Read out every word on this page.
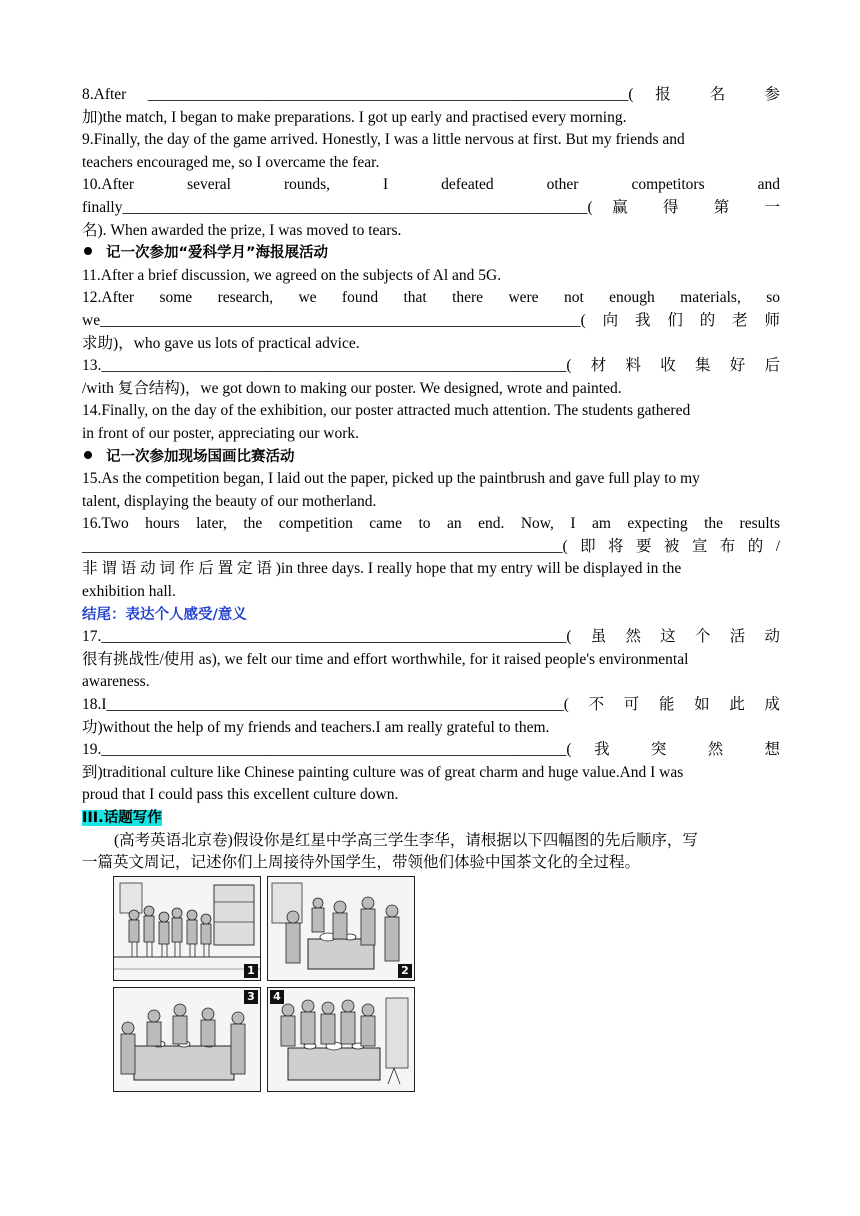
8.After ______________________________________________________________( 报 名 参

加)the match, I began to make preparations. I got up early and practised every morning.

9.Finally, the day of the game arrived. Honestly, I was a little nervous at first. But my friends and

teachers encouraged me, so I overcame the fear.

10.After several rounds, I defeated other competitors and

finally____________________________________________________________( 赢 得 第 一

名). When awarded the prize, I was moved to tears.

记一次参加“爱科学月”海报展活动

11.After a brief discussion, we agreed on the subjects of Al and 5G.

12.After some research, we found that there were not enough materials, so

we______________________________________________________________(向我们的老师

求助)，who gave us lots of practical advice.

13.____________________________________________________________(材料收集好后

/with 复合结构)，we got down to making our poster. We designed, wrote and painted.

14.Finally, on the day of the exhibition, our poster attracted much attention. The students gathered

in front of our poster, appreciating our work.

记一次参加现场国画比赛活动

15.As the competition began, I laid out the paper, picked up the paintbrush and gave full play to my

talent, displaying the beauty of our motherland.

16.Two hours later, the competition came to an end. Now, I am expecting the results

______________________________________________________________(即将要被宣布的/

非 谓 语 动 词 作 后 置 定 语 )in three days. I really hope that my entry will be displayed in the

exhibition hall.

结尾：表达个人感受/意义

17.____________________________________________________________(虽然这个活动

很有挑战性/使用 as), we felt our time and effort worthwhile, for it raised people's environmental

awareness.

18.I___________________________________________________________(不可能如此成

功)without the help of my friends and teachers.I am really grateful to them.

19.____________________________________________________________( 我 突 然 想

到)traditional culture like Chinese painting culture was of great charm and huge value.And I was

proud that I could pass this excellent culture down.

III.话题写作

(高考英语北京卷)假设你是红星中学高三学生李华，请根据以下四幅图的先后顺序，写

一篇英文周记，记述你们上周接待外国学生，带领他们体验中国茶文化的全过程。

1	2
3 4
